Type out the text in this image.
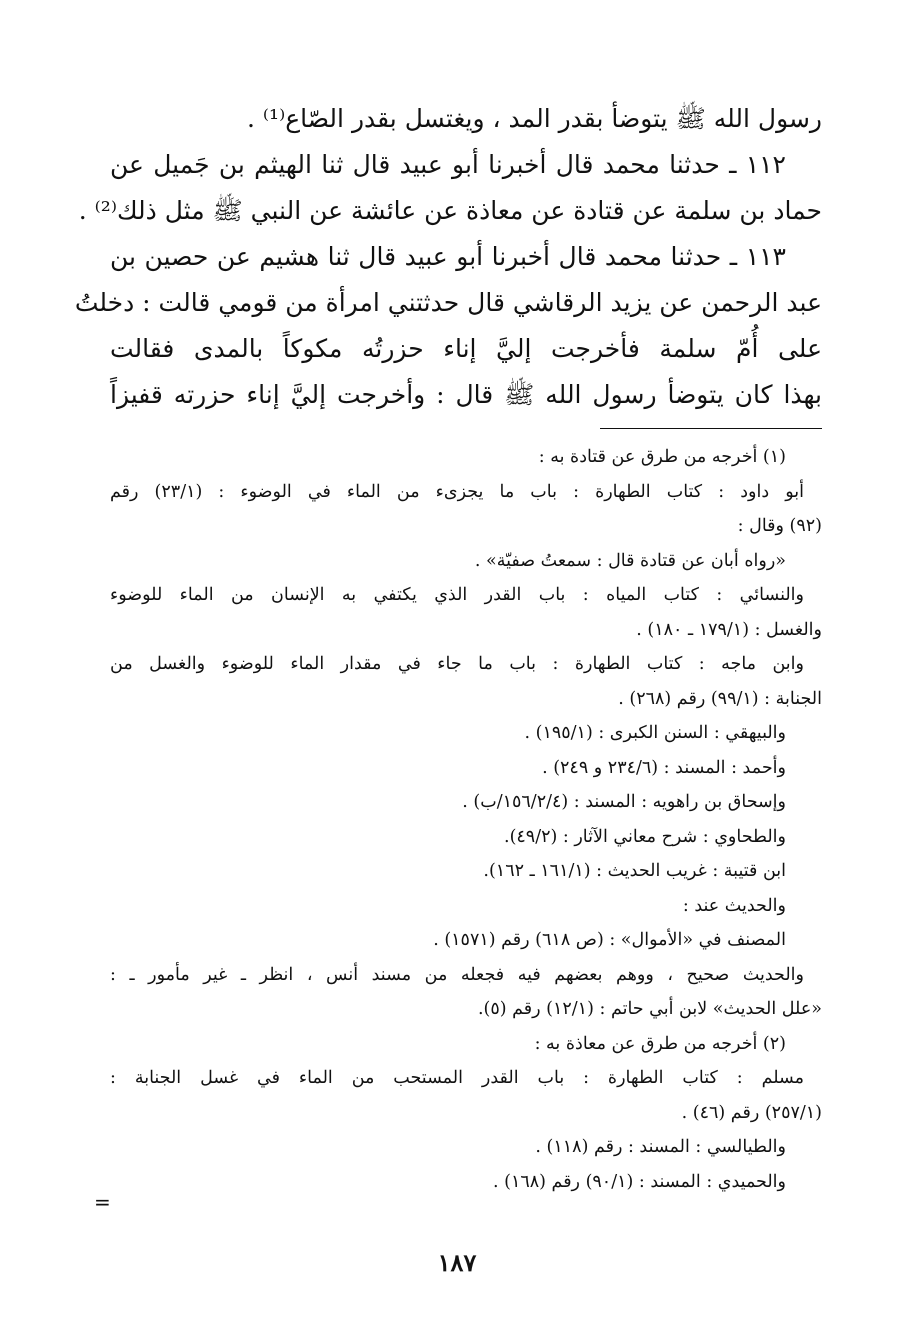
رسول الله ﷺ يتوضأ بقدر المد ، ويغتسل بقدر الصّاع⁽¹⁾ .
١١٢ ـ حدثنا محمد قال أخبرنا أبو عبيد قال ثنا الهيثم بن جَميل عن
حماد بن سلمة عن قتادة عن معاذة عن عائشة عن النبي ﷺ مثل ذلك⁽²⁾ .
١١٣ ـ حدثنا محمد قال أخبرنا أبو عبيد قال ثنا هشيم عن حصين بن
عبد الرحمن عن يزيد الرقاشي قال حدثتني امرأة من قومي قالت : دخلتُ
على أُمّ سلمة فأخرجت إليَّ إناء حزرتُه مكوكاً بالمدى فقالت
بهذا كان يتوضأ رسول الله ﷺ قال : وأخرجت إليَّ إناء حزرته قفيزاً
(١) أخرجه من طرق عن قتادة به :
أبو داود : كتاب الطهارة : باب ما يجزىء من الماء في الوضوء : (٢٣/١) رقم
(٩٢) وقال :
«رواه أبان عن قتادة قال : سمعتُ صفيّة» .
والنسائي : كتاب المياه : باب القدر الذي يكتفي به الإنسان من الماء للوضوء
والغسل : (١٧٩/١ ـ ١٨٠) .
وابن ماجه : كتاب الطهارة : باب ما جاء في مقدار الماء للوضوء والغسل من
الجنابة : (٩٩/١) رقم (٢٦٨) .
والبيهقي : السنن الكبرى : (١٩٥/١) .
وأحمد : المسند : (٢٣٤/٦ و ٢٤٩) .
وإسحاق بن راهويه : المسند : (١٥٦/٢/٤/ب) .
والطحاوي : شرح معاني الآثار : (٤٩/٢).
ابن قتيبة : غريب الحديث : (١٦١/١ ـ ١٦٢).
والحديث عند :
المصنف في «الأموال» : (ص ٦١٨) رقم (١٥٧١) .
والحديث صحيح ، ووهم بعضهم فيه فجعله من مسند أنس ، انظر ـ غير مأمور ـ :
«علل الحديث» لابن أبي حاتم : (١٢/١) رقم (٥).
(٢) أخرجه من طرق عن معاذة به :
مسلم : كتاب الطهارة : باب القدر المستحب من الماء في غسل الجنابة :
(٢٥٧/١) رقم (٤٦) .
والطيالسي : المسند : رقم (١١٨) .
والحميدي : المسند : (٩٠/١) رقم (١٦٨) .
=
١٨٧
